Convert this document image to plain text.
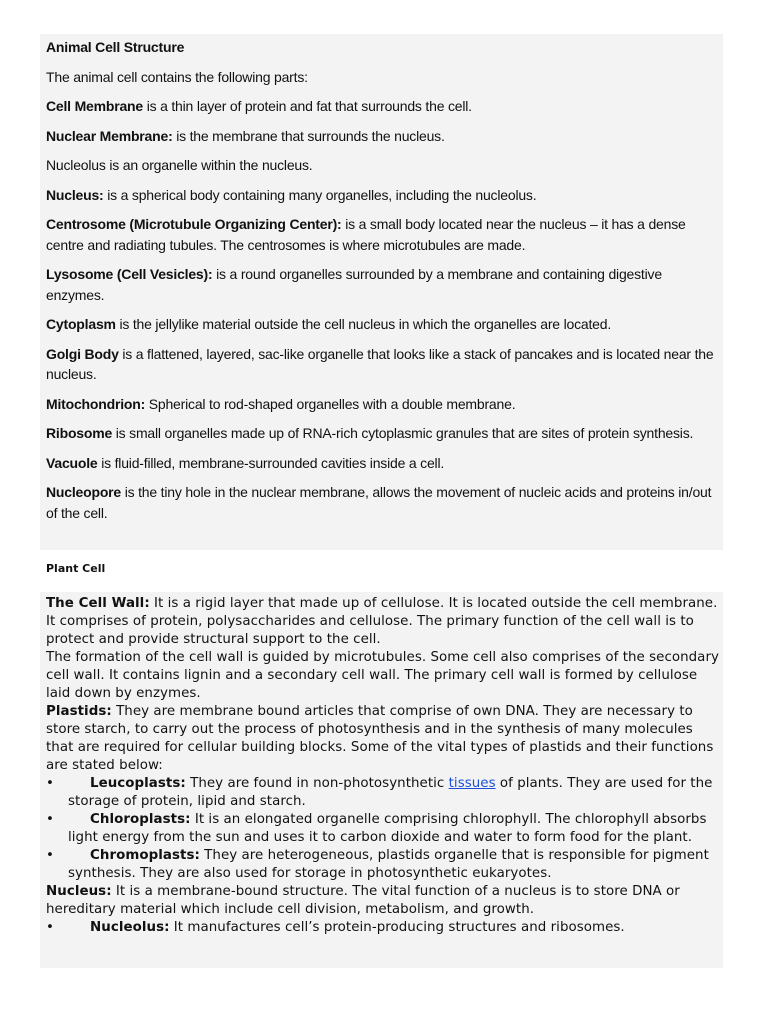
Animal Cell Structure

The animal cell contains the following parts:

Cell Membrane is a thin layer of protein and fat that surrounds the cell.

Nuclear Membrane: is the membrane that surrounds the nucleus.

Nucleolus is an organelle within the nucleus.

Nucleus: is a spherical body containing many organelles, including the nucleolus.

Centrosome (Microtubule Organizing Center): is a small body located near the nucleus – it has a dense centre and radiating tubules. The centrosomes is where microtubules are made.

Lysosome (Cell Vesicles): is a round organelles surrounded by a membrane and containing digestive enzymes.

Cytoplasm is the jellylike material outside the cell nucleus in which the organelles are located.

Golgi Body is a flattened, layered, sac-like organelle that looks like a stack of pancakes and is located near the nucleus.

Mitochondrion: Spherical to rod-shaped organelles with a double membrane.

Ribosome is small organelles made up of RNA-rich cytoplasmic granules that are sites of protein synthesis.

Vacuole is fluid-filled, membrane-surrounded cavities inside a cell.

Nucleopore is the tiny hole in the nuclear membrane, allows the movement of nucleic acids and proteins in/out of the cell.

Plant Cell

The Cell Wall: It is a rigid layer that made up of cellulose. It is located outside the cell membrane. It comprises of protein, polysaccharides and cellulose. The primary function of the cell wall is to protect and provide structural support to the cell.

The formation of the cell wall is guided by microtubules. Some cell also comprises of the secondary cell wall. It contains lignin and a secondary cell wall. The primary cell wall is formed by cellulose laid down by enzymes.

Plastids: They are membrane bound articles that comprise of own DNA. They are necessary to store starch, to carry out the process of photosynthesis and in the synthesis of many molecules that are required for cellular building blocks. Some of the vital types of plastids and their functions are stated below:

•	Leucoplasts: They are found in non-photosynthetic tissues of plants. They are used for the storage of protein, lipid and starch.

•	Chloroplasts: It is an elongated organelle comprising chlorophyll. The chlorophyll absorbs light energy from the sun and uses it to carbon dioxide and water to form food for the plant.

•	Chromoplasts: They are heterogeneous, plastids organelle that is responsible for pigment synthesis. They are also used for storage in photosynthetic eukaryotes.

Nucleus: It is a membrane-bound structure. The vital function of a nucleus is to store DNA or hereditary material which include cell division, metabolism, and growth.

•	Nucleolus: It manufactures cell’s protein-producing structures and ribosomes.
